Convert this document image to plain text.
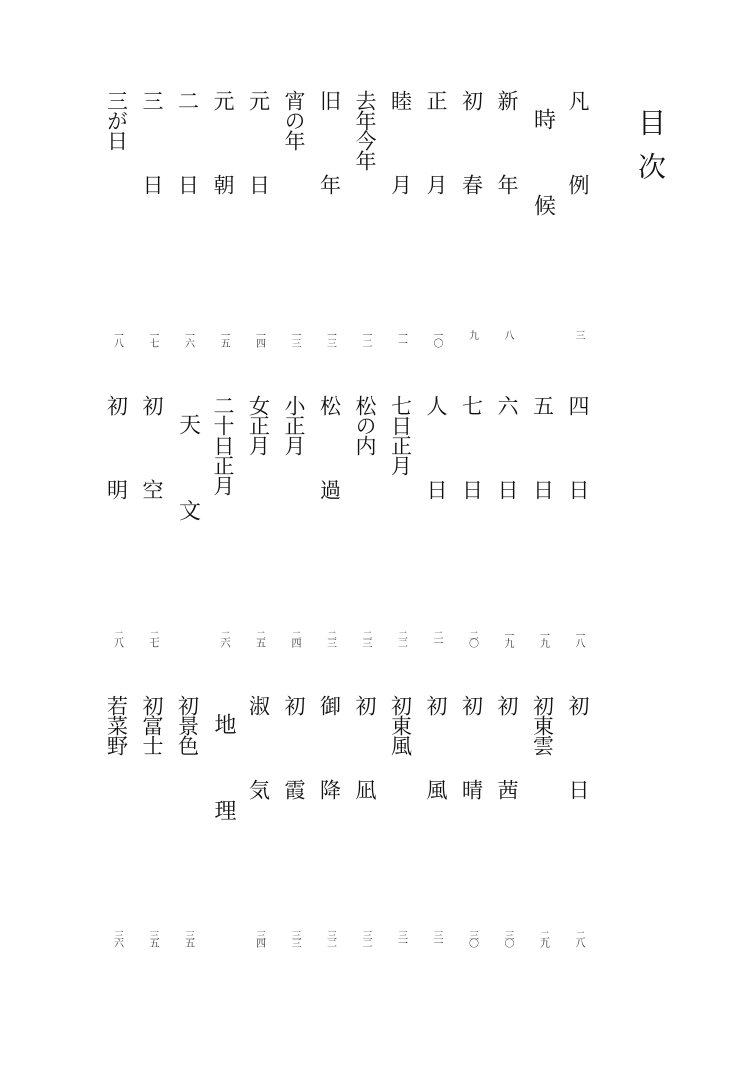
目次
凡　例
三
時　候
新　年
八
初　春
九
正　月
一〇
睦　月
一一
去年今年
一二
旧　年
一三
宵の年
一三
元　日
一四
元　朝
一五
二　日
一六
三　日
一七
三が日
一八
四　日
一八
五　日
一九
六　日
一九
七　日
二〇
人　日
二一
七日正月
二二
松の内
二三
松　過
二三
小正月
二四
女正月
二五
二十日正月
二六
天　文
初　空
二七
初　明
二八
初　日
二八
初東雲
二九
初　茜
三〇
初　晴
三〇
初　風
三一
初東風
三一
初　凪
三二
御　降
三二
初　霞
三三
淑　気
三四
地　理
初景色
三五
初富士
三五
若菜野
三六
